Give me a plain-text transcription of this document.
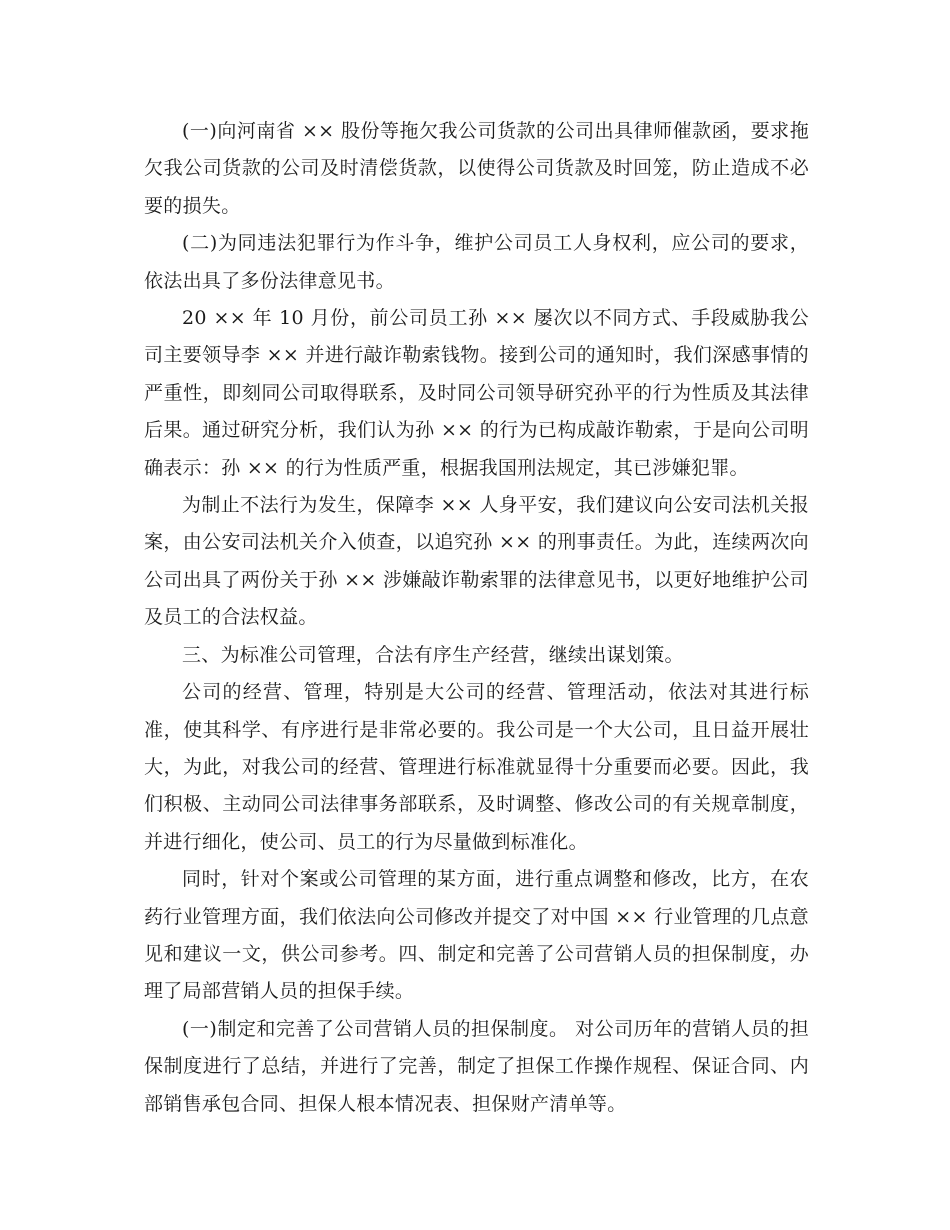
(一)向河南省 ×× 股份等拖欠我公司货款的公司出具律师催款函，要求拖欠我公司货款的公司及时清偿货款，以使得公司货款及时回笼，防止造成不必要的损失。

(二)为同违法犯罪行为作斗争，维护公司员工人身权利，应公司的要求，依法出具了多份法律意见书。

20 ×× 年 10 月份，前公司员工孙 ×× 屡次以不同方式、手段威胁我公司主要领导李 ×× 并进行敲诈勒索钱物。接到公司的通知时，我们深感事情的严重性，即刻同公司取得联系，及时同公司领导研究孙平的行为性质及其法律后果。通过研究分析，我们认为孙 ×× 的行为已构成敲诈勒索，于是向公司明确表示：孙 ×× 的行为性质严重，根据我国刑法规定，其已涉嫌犯罪。

为制止不法行为发生，保障李 ×× 人身平安，我们建议向公安司法机关报案，由公安司法机关介入侦查，以追究孙 ×× 的刑事责任。为此，连续两次向公司出具了两份关于孙 ×× 涉嫌敲诈勒索罪的法律意见书，以更好地维护公司及员工的合法权益。

三、为标准公司管理，合法有序生产经营，继续出谋划策。

公司的经营、管理，特别是大公司的经营、管理活动，依法对其进行标准，使其科学、有序进行是非常必要的。我公司是一个大公司，且日益开展壮大，为此，对我公司的经营、管理进行标准就显得十分重要而必要。因此，我们积极、主动同公司法律事务部联系，及时调整、修改公司的有关规章制度，并进行细化，使公司、员工的行为尽量做到标准化。

同时，针对个案或公司管理的某方面，进行重点调整和修改，比方，在农药行业管理方面，我们依法向公司修改并提交了对中国 ×× 行业管理的几点意见和建议一文，供公司参考。四、制定和完善了公司营销人员的担保制度，办理了局部营销人员的担保手续。

(一)制定和完善了公司营销人员的担保制度。 对公司历年的营销人员的担保制度进行了总结，并进行了完善，制定了担保工作操作规程、保证合同、内部销售承包合同、担保人根本情况表、担保财产清单等。
